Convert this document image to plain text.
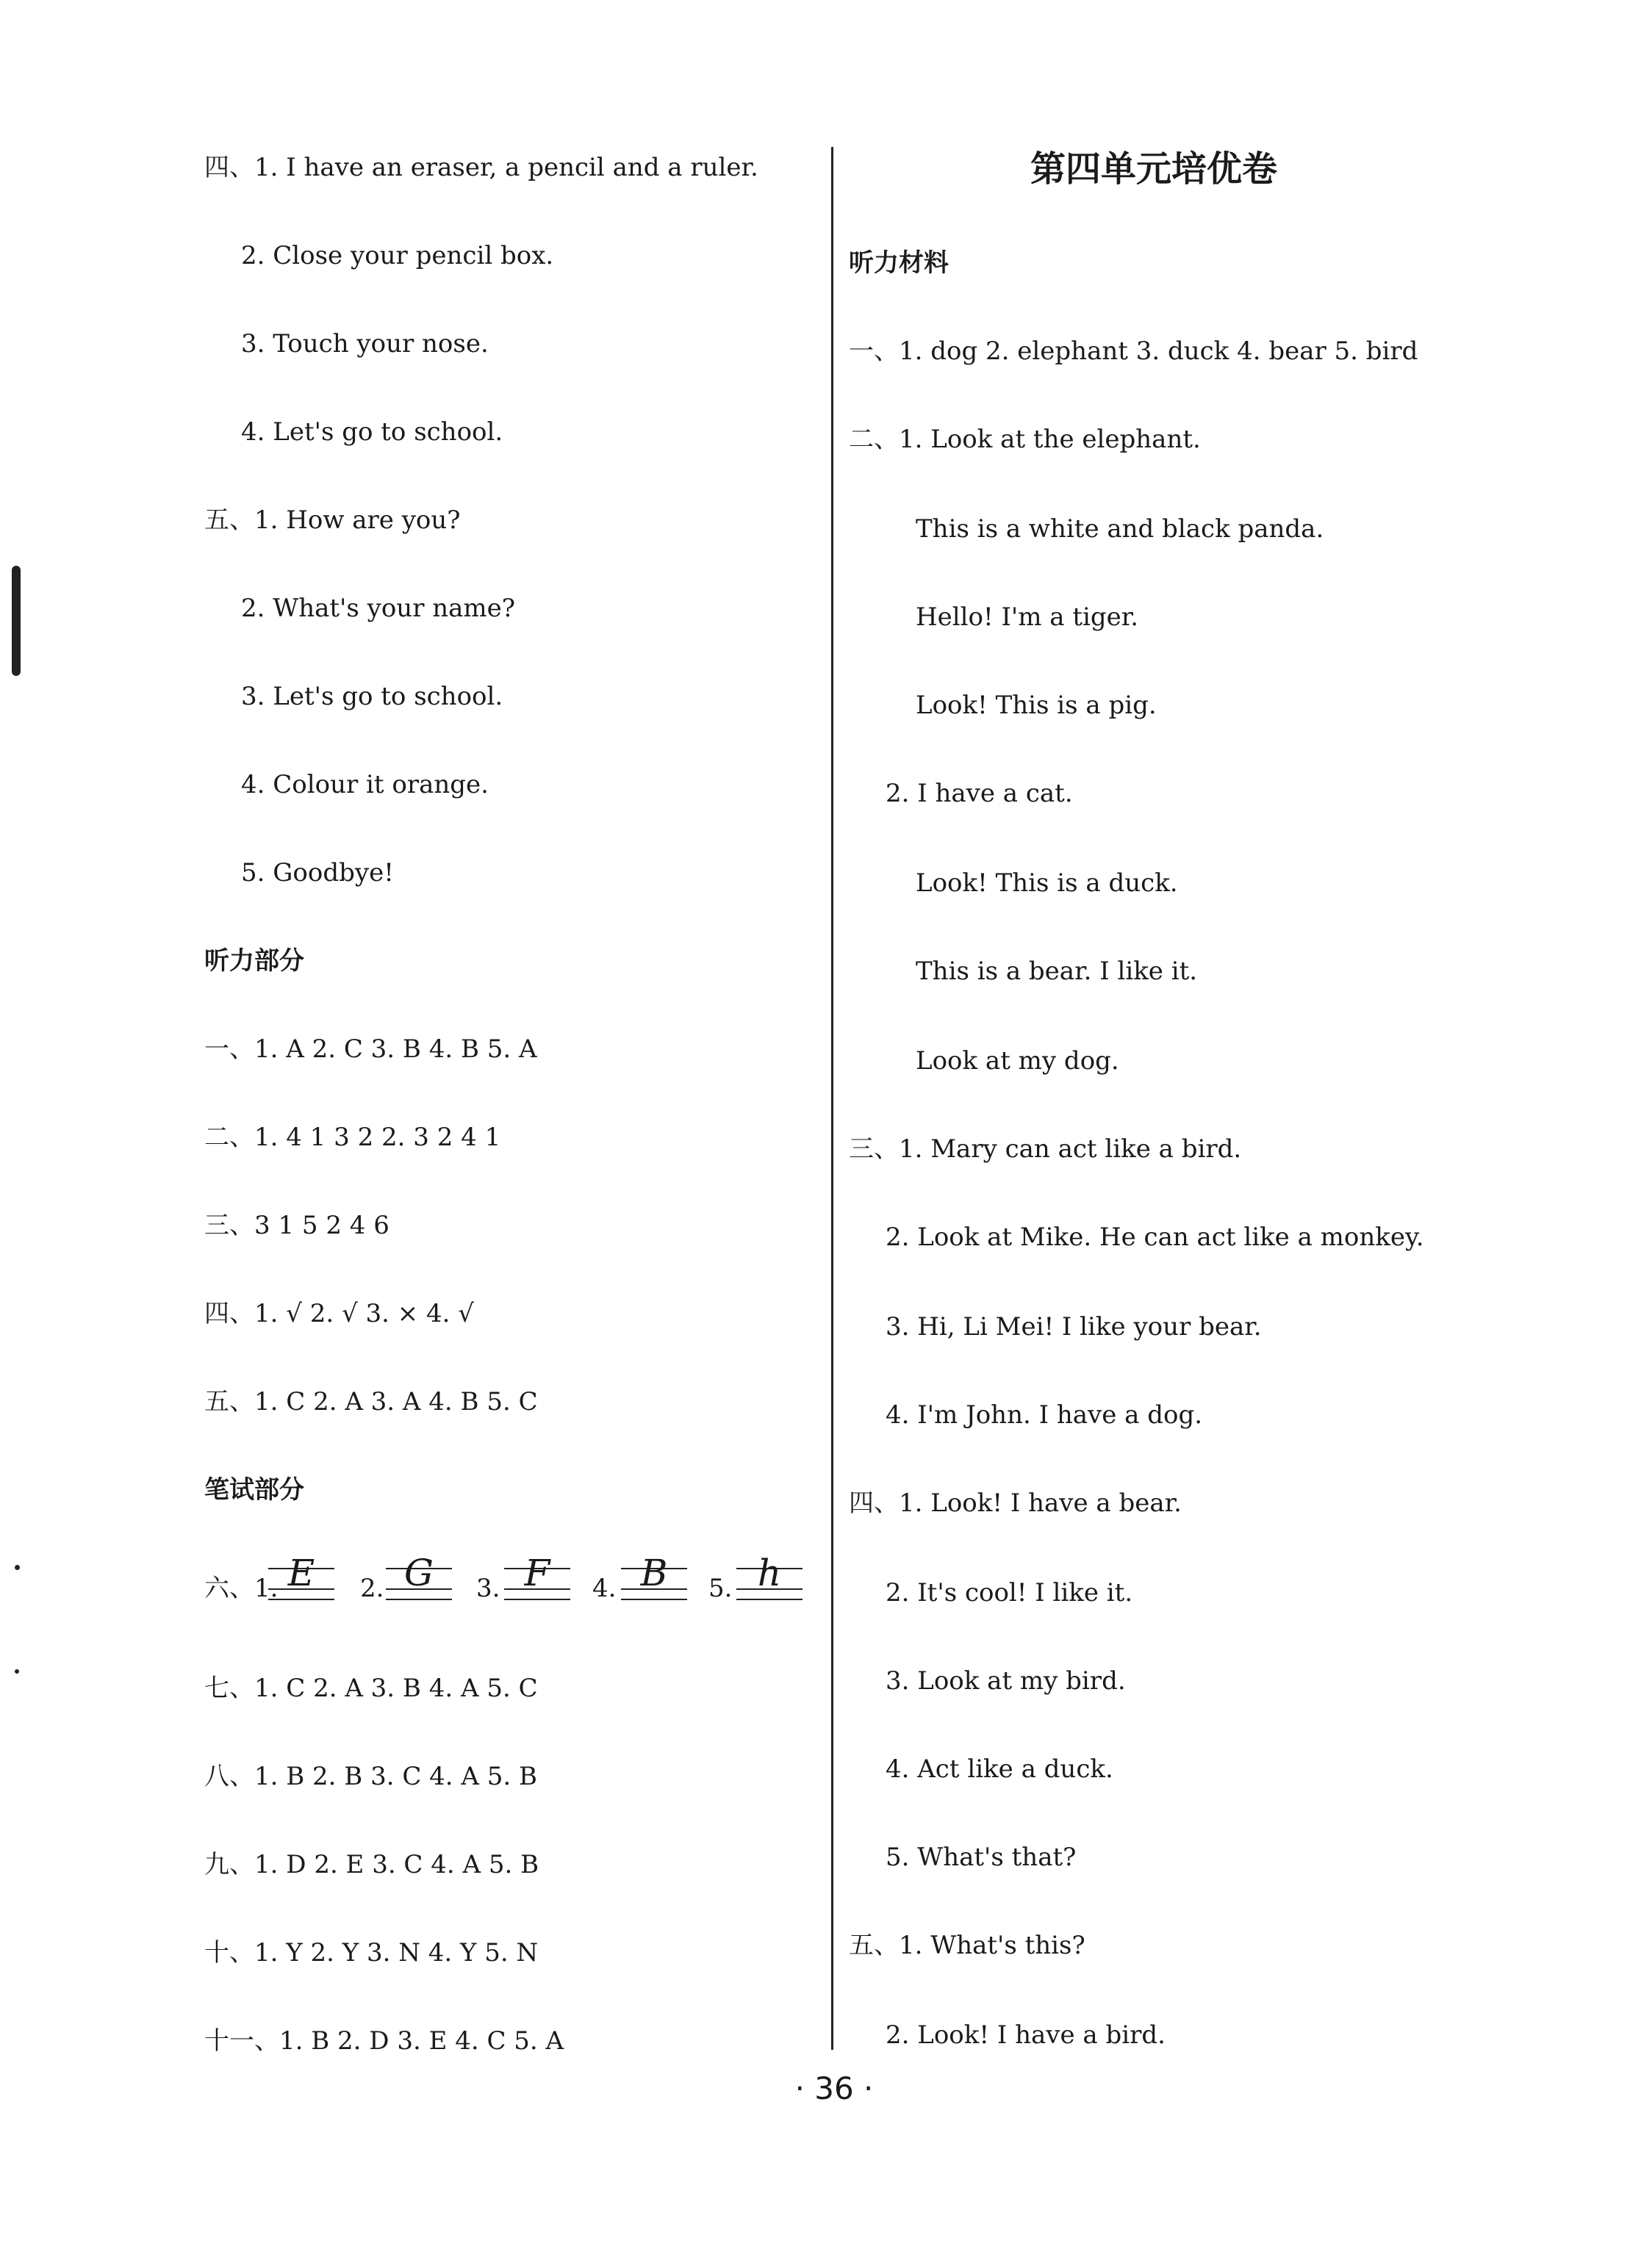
四、1. I have an eraser, a pencil and a ruler.
2. Close your pencil box.
3. Touch your nose.
4. Let's go to school.
五、1. How are you?
2. What's your name?
3. Let's go to school.
4. Colour it orange.
5. Goodbye!
听力部分
一、1. A 2. C 3. B 4. B 5. A
二、1. 4 1 3 2 2. 3 2 4 1
三、3 1 5 2 4 6
四、1. √ 2. √ 3. × 4. √
五、1. C 2. A 3. A 4. B 5. C
笔试部分
六、1. E	2. G	3. F	4. B	5. h
七、1. C 2. A 3. B 4. A 5. C
八、1. B 2. B 3. C 4. A 5. B
九、1. D 2. E 3. C 4. A 5. B
十、1. Y 2. Y 3. N 4. Y 5. N
十一、1. B 2. D 3. E 4. C 5. A
第四单元培优卷
听力材料
一、1. dog 2. elephant 3. duck 4. bear 5. bird
二、1. Look at the elephant.
This is a white and black panda.
Hello! I'm a tiger.
Look! This is a pig.
2. I have a cat.
Look! This is a duck.
This is a bear. I like it.
Look at my dog.
三、1. Mary can act like a bird.
2. Look at Mike. He can act like a monkey.
3. Hi, Li Mei! I like your bear.
4. I'm John. I have a dog.
四、1. Look! I have a bear.
2. It's cool! I like it.
3. Look at my bird.
4. Act like a duck.
5. What's that?
五、1. What's this?
2. Look! I have a bird.
· 36 ·
